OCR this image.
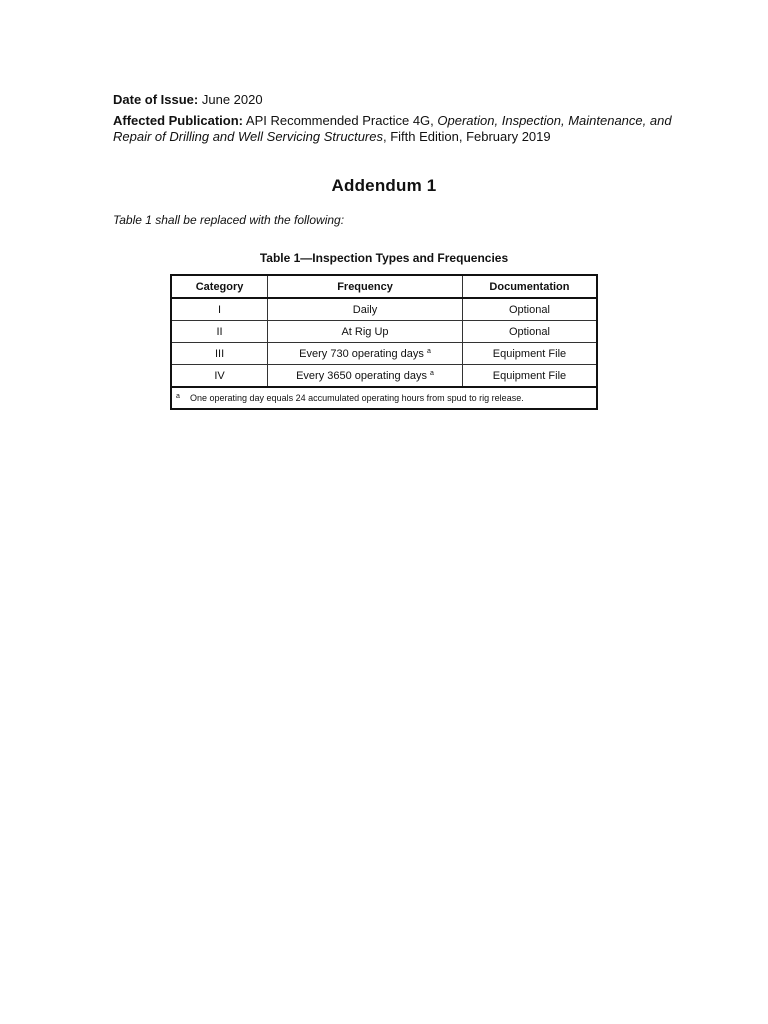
Date of Issue: June 2020
Affected Publication: API Recommended Practice 4G, Operation, Inspection, Maintenance, and Repair of Drilling and Well Servicing Structures, Fifth Edition, February 2019
Addendum 1
Table 1 shall be replaced with the following:
Table 1—Inspection Types and Frequencies
Category	Frequency	Documentation
I	Daily	Optional
II	At Rig Up	Optional
III	Every 730 operating days $^a$	Equipment File
IV	Every 3650 operating days $^a$	Equipment File
a One operating day equals 24 accumulated operating hours from spud to rig release.		
